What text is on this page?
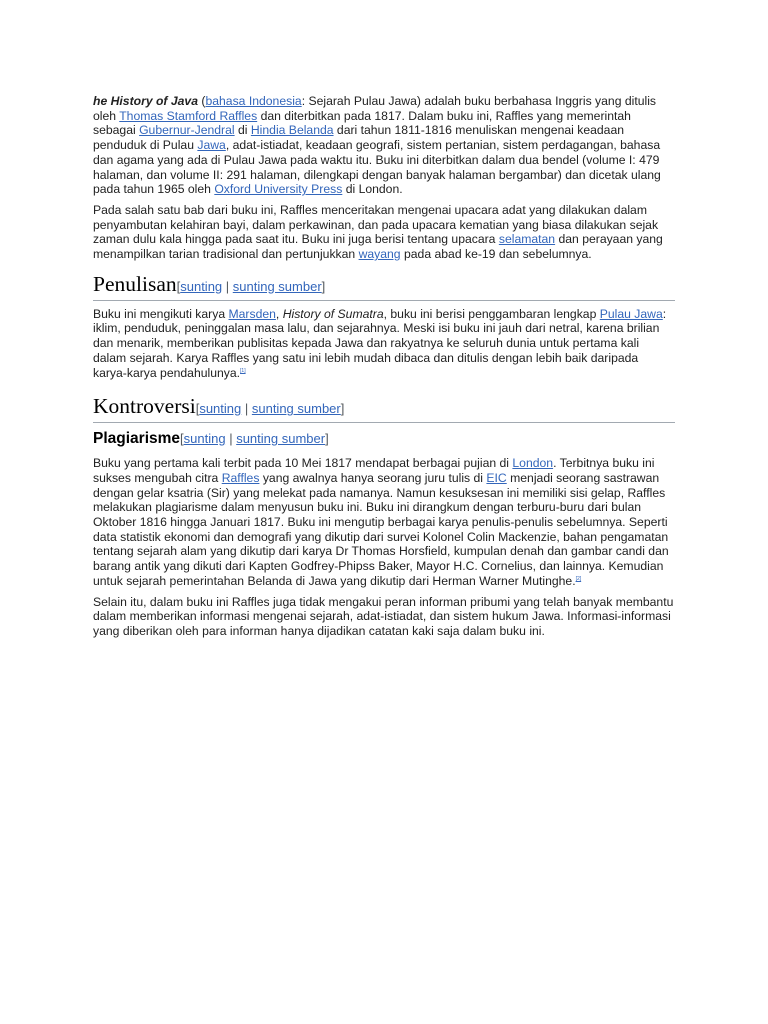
he History of Java (bahasa Indonesia: Sejarah Pulau Jawa) adalah buku berbahasa Inggris yang ditulis oleh Thomas Stamford Raffles dan diterbitkan pada 1817. Dalam buku ini, Raffles yang memerintah sebagai Gubernur-Jendral di Hindia Belanda dari tahun 1811-1816 menuliskan mengenai keadaan penduduk di Pulau Jawa, adat-istiadat, keadaan geografi, sistem pertanian, sistem perdagangan, bahasa dan agama yang ada di Pulau Jawa pada waktu itu. Buku ini diterbitkan dalam dua bendel (volume I: 479 halaman, dan volume II: 291 halaman, dilengkapi dengan banyak halaman bergambar) dan dicetak ulang pada tahun 1965 oleh Oxford University Press di London.

Pada salah satu bab dari buku ini, Raffles menceritakan mengenai upacara adat yang dilakukan dalam penyambutan kelahiran bayi, dalam perkawinan, dan pada upacara kematian yang biasa dilakukan sejak zaman dulu kala hingga pada saat itu. Buku ini juga berisi tentang upacara selamatan dan perayaan yang menampilkan tarian tradisional dan pertunjukkan wayang pada abad ke-19 dan sebelumnya.

Penulisan[sunting | sunting sumber]

Buku ini mengikuti karya Marsden, History of Sumatra, buku ini berisi penggambaran lengkap Pulau Jawa: iklim, penduduk, peninggalan masa lalu, dan sejarahnya. Meski isi buku ini jauh dari netral, karena brilian dan menarik, memberikan publisitas kepada Jawa dan rakyatnya ke seluruh dunia untuk pertama kali dalam sejarah. Karya Raffles yang satu ini lebih mudah dibaca dan ditulis dengan lebih baik daripada karya-karya pendahulunya.[1]

Kontroversi[sunting | sunting sumber]
Plagiarisme[sunting | sunting sumber]

Buku yang pertama kali terbit pada 10 Mei 1817 mendapat berbagai pujian di London. Terbitnya buku ini sukses mengubah citra Raffles yang awalnya hanya seorang juru tulis di EIC menjadi seorang sastrawan dengan gelar ksatria (Sir) yang melekat pada namanya. Namun kesuksesan ini memiliki sisi gelap, Raffles melakukan plagiarisme dalam menyusun buku ini. Buku ini dirangkum dengan terburu-buru dari bulan Oktober 1816 hingga Januari 1817. Buku ini mengutip berbagai karya penulis-penulis sebelumnya. Seperti data statistik ekonomi dan demografi yang dikutip dari survei Kolonel Colin Mackenzie, bahan pengamatan tentang sejarah alam yang dikutip dari karya Dr Thomas Horsfield, kumpulan denah dan gambar candi dan barang antik yang dikuti dari Kapten Godfrey-Phipss Baker, Mayor H.C. Cornelius, dan lainnya. Kemudian untuk sejarah pemerintahan Belanda di Jawa yang dikutip dari Herman Warner Mutinghe.[2]

Selain itu, dalam buku ini Raffles juga tidak mengakui peran informan pribumi yang telah banyak membantu dalam memberikan informasi mengenai sejarah, adat-istiadat, dan sistem hukum Jawa. Informasi-informasi yang diberikan oleh para informan hanya dijadikan catatan kaki saja dalam buku ini.
